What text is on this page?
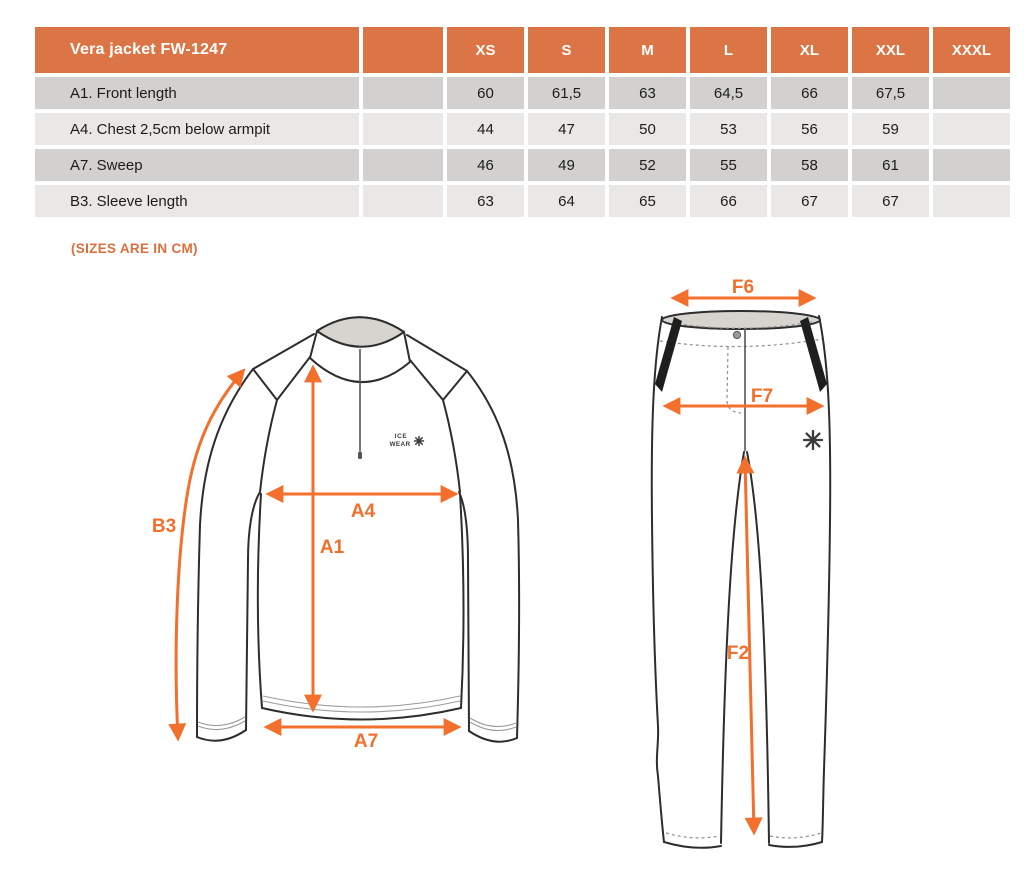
Vera jacket FW-1247	XS	S	M	L	XL	XXL	XXXL
A1. Front length	60	61,5	63	64,5	66	67,5
A4. Chest 2,5cm below armpit	44	47	50	53	56	59
A7. Sweep	46	49	52	55	58	61
B3. Sleeve length	63	64	65	66	67	67
(SIZES ARE IN CM)
ICE
WEAR
B3
A1
A4
A7
F6
F7
F2
